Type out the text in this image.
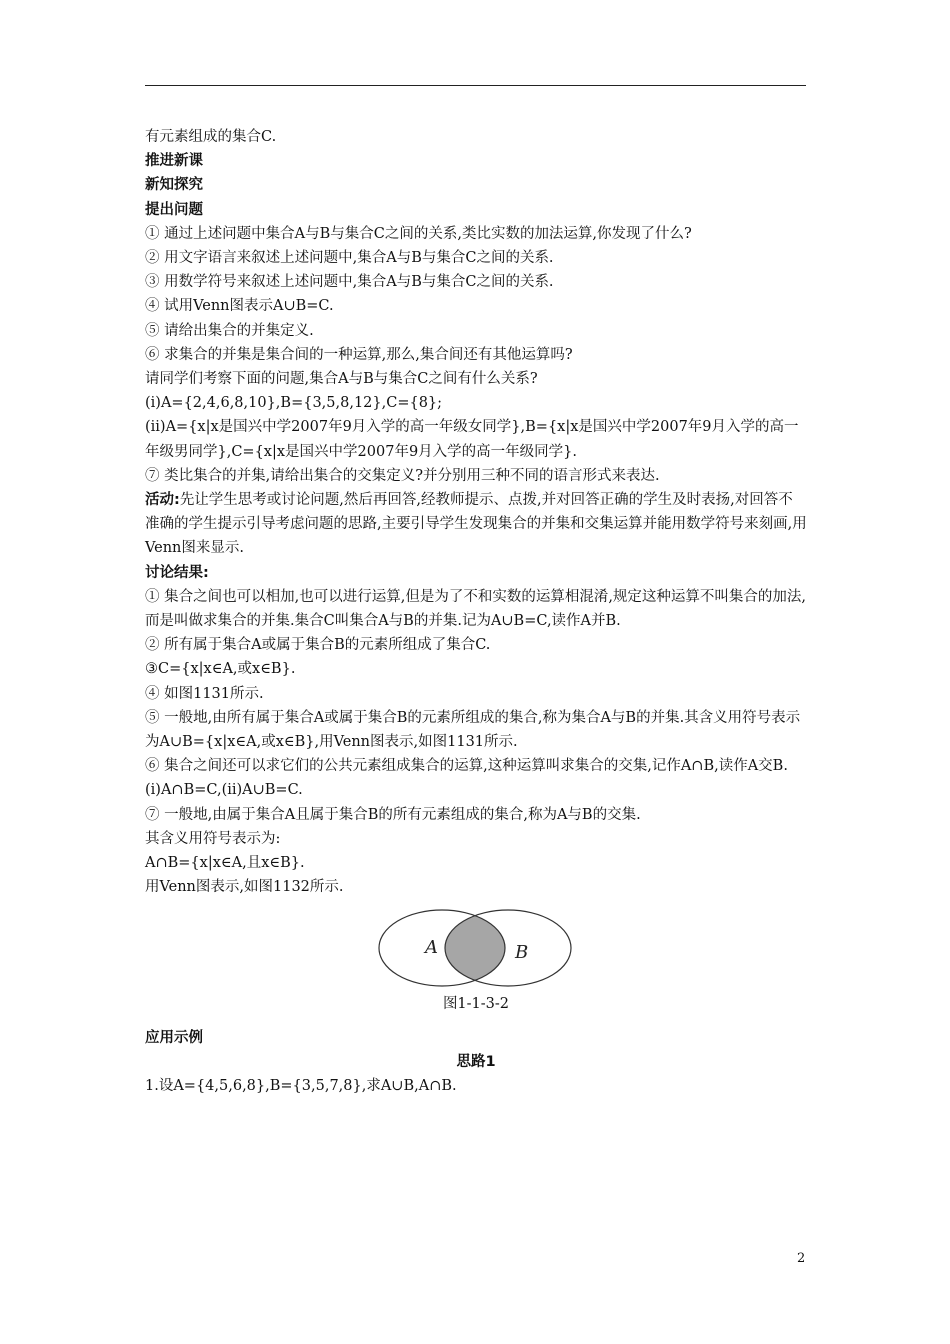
有元素组成的集合C.

推进新课

新知探究

提出问题

① 通过上述问题中集合A与B与集合C之间的关系,类比实数的加法运算,你发现了什么?

② 用文字语言来叙述上述问题中,集合A与B与集合C之间的关系.

③ 用数学符号来叙述上述问题中,集合A与B与集合C之间的关系.

④ 试用Venn图表示A∪B=C.

⑤ 请给出集合的并集定义.

⑥ 求集合的并集是集合间的一种运算,那么,集合间还有其他运算吗?

请同学们考察下面的问题,集合A与B与集合C之间有什么关系?

(ⅰ)A={2,4,6,8,10},B={3,5,8,12},C={8};

(ⅱ)A={x|x是国兴中学2007年9月入学的高一年级女同学},B={x|x是国兴中学2007年9月入学的高一年级男同学},C={x|x是国兴中学2007年9月入学的高一年级同学}.

⑦ 类比集合的并集,请给出集合的交集定义?并分别用三种不同的语言形式来表达.

活动:先让学生思考或讨论问题,然后再回答,经教师提示、点拨,并对回答正确的学生及时表扬,对回答不准确的学生提示引导考虑问题的思路,主要引导学生发现集合的并集和交集运算并能用数学符号来刻画,用Venn图来显示.

讨论结果:

① 集合之间也可以相加,也可以进行运算,但是为了不和实数的运算相混淆,规定这种运算不叫集合的加法,而是叫做求集合的并集.集合C叫集合A与B的并集.记为A∪B=C,读作A并B.

② 所有属于集合A或属于集合B的元素所组成了集合C.

③C={x|x∈A,或x∈B}.

④ 如图1131所示.

⑤ 一般地,由所有属于集合A或属于集合B的元素所组成的集合,称为集合A与B的并集.其含义用符号表示为A∪B={x|x∈A,或x∈B},用Venn图表示,如图1131所示.

⑥ 集合之间还可以求它们的公共元素组成集合的运算,这种运算叫求集合的交集,记作A∩B,读作A交B.(ⅰ)A∩B=C,(ⅱ)A∪B=C.

⑦ 一般地,由属于集合A且属于集合B的所有元素组成的集合,称为A与B的交集.

其含义用符号表示为:

A∩B={x|x∈A,且x∈B}.

用Venn图表示,如图1132所示.

A	B

图1-1-3-2

应用示例

思路1

1.设A={4,5,6,8},B={3,5,7,8},求A∪B,A∩B.

2
